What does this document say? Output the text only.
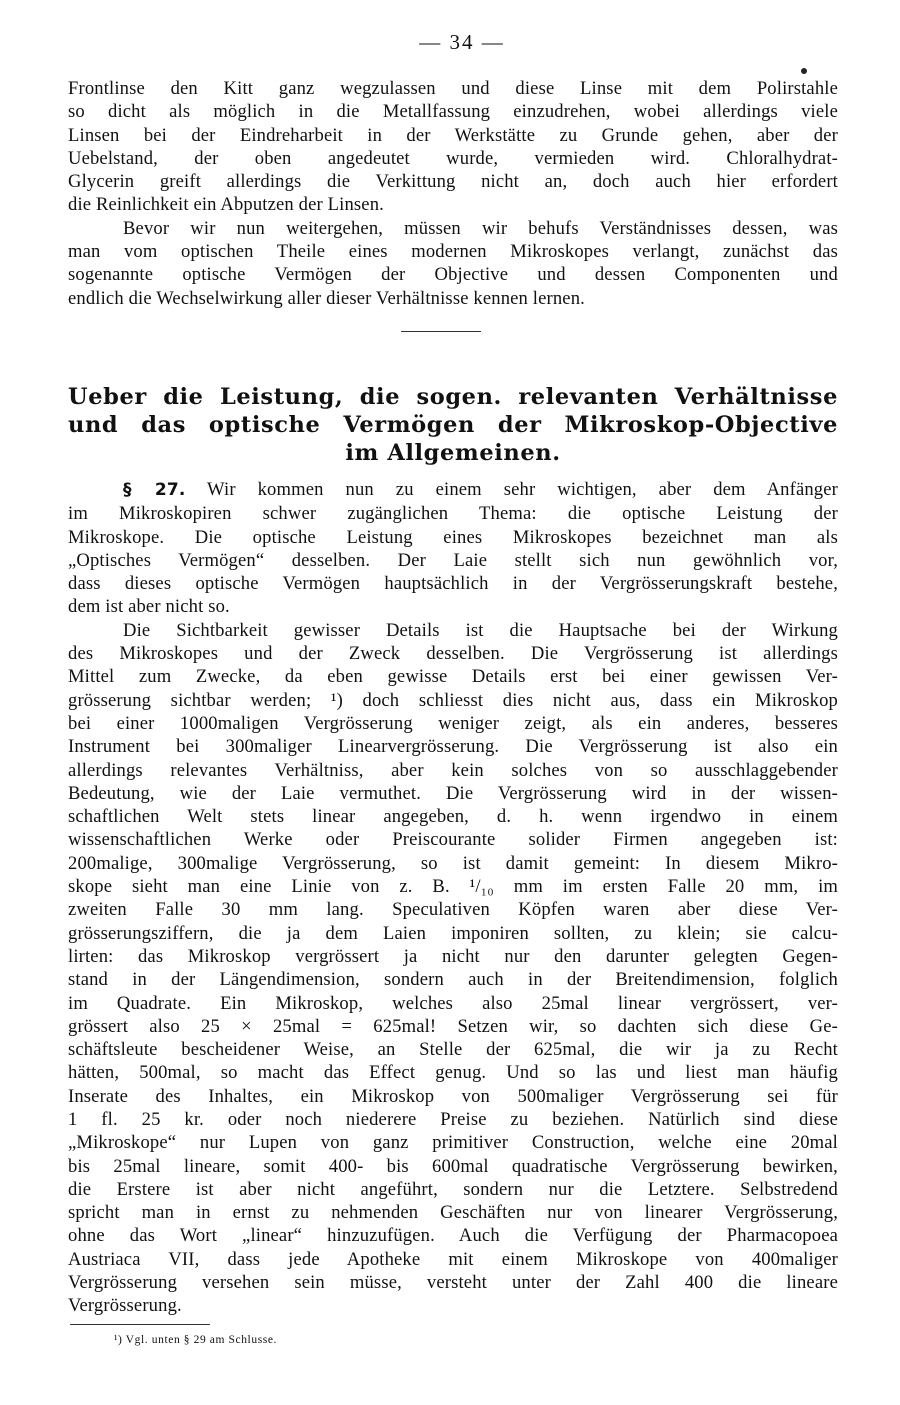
— 34 —

Frontlinse den Kitt ganz wegzulassen und diese Linse mit dem Polirstahle
so dicht als möglich in die Metallfassung einzudrehen, wobei allerdings viele
Linsen bei der Eindreharbeit in der Werkstätte zu Grunde gehen, aber der
Uebelstand, der oben angedeutet wurde, vermieden wird. Chloralhydrat-
Glycerin greift allerdings die Verkittung nicht an, doch auch hier erfordert
die Reinlichkeit ein Abputzen der Linsen.

Bevor wir nun weitergehen, müssen wir behufs Verständnisses dessen, was
man vom optischen Theile eines modernen Mikroskopes verlangt, zunächst das
sogenannte optische Vermögen der Objective und dessen Componenten und
endlich die Wechselwirkung aller dieser Verhältnisse kennen lernen.

Ueber die Leistung, die sogen. relevanten Verhältnisse
und das optische Vermögen der Mikroskop-Objective
im Allgemeinen.

§ 27. Wir kommen nun zu einem sehr wichtigen, aber dem Anfänger
im Mikroskopiren schwer zugänglichen Thema: die optische Leistung der
Mikroskope. Die optische Leistung eines Mikroskopes bezeichnet man als
„Optisches Vermögen“ desselben. Der Laie stellt sich nun gewöhnlich vor,
dass dieses optische Vermögen hauptsächlich in der Vergrösserungskraft bestehe,
dem ist aber nicht so.

Die Sichtbarkeit gewisser Details ist die Hauptsache bei der Wirkung
des Mikroskopes und der Zweck desselben. Die Vergrösserung ist allerdings
Mittel zum Zwecke, da eben gewisse Details erst bei einer gewissen Ver-
grösserung sichtbar werden; ¹) doch schliesst dies nicht aus, dass ein Mikroskop
bei einer 1000maligen Vergrösserung weniger zeigt, als ein anderes, besseres
Instrument bei 300maliger Linearvergrösserung. Die Vergrösserung ist also ein
allerdings relevantes Verhältniss, aber kein solches von so ausschlaggebender
Bedeutung, wie der Laie vermuthet. Die Vergrösserung wird in der wissen-
schaftlichen Welt stets linear angegeben, d. h. wenn irgendwo in einem
wissenschaftlichen Werke oder Preiscourante solider Firmen angegeben ist:
200malige, 300malige Vergrösserung, so ist damit gemeint: In diesem Mikro-
skope sieht man eine Linie von z. B. ¹/₁₀ mm im ersten Falle 20 mm, im
zweiten Falle 30 mm lang. Speculativen Köpfen waren aber diese Ver-
grösserungsziffern, die ja dem Laien imponiren sollten, zu klein; sie calcu-
lirten: das Mikroskop vergrössert ja nicht nur den darunter gelegten Gegen-
stand in der Längendimension, sondern auch in der Breitendimension, folglich
im Quadrate. Ein Mikroskop, welches also 25mal linear vergrössert, ver-
grössert also 25 × 25mal = 625mal! Setzen wir, so dachten sich diese Ge-
schäftsleute bescheidener Weise, an Stelle der 625mal, die wir ja zu Recht
hätten, 500mal, so macht das Effect genug. Und so las und liest man häufig
Inserate des Inhaltes, ein Mikroskop von 500maliger Vergrösserung sei für
1 fl. 25 kr. oder noch niederere Preise zu beziehen. Natürlich sind diese
„Mikroskope“ nur Lupen von ganz primitiver Construction, welche eine 20mal
bis 25mal lineare, somit 400- bis 600mal quadratische Vergrösserung bewirken,
die Erstere ist aber nicht angeführt, sondern nur die Letztere. Selbstredend
spricht man in ernst zu nehmenden Geschäften nur von linearer Vergrösserung,
ohne das Wort „linear“ hinzuzufügen. Auch die Verfügung der Pharmacopoea
Austriaca VII, dass jede Apotheke mit einem Mikroskope von 400maliger
Vergrösserung versehen sein müsse, versteht unter der Zahl 400 die lineare
Vergrösserung.

¹) Vgl. unten § 29 am Schlusse.
